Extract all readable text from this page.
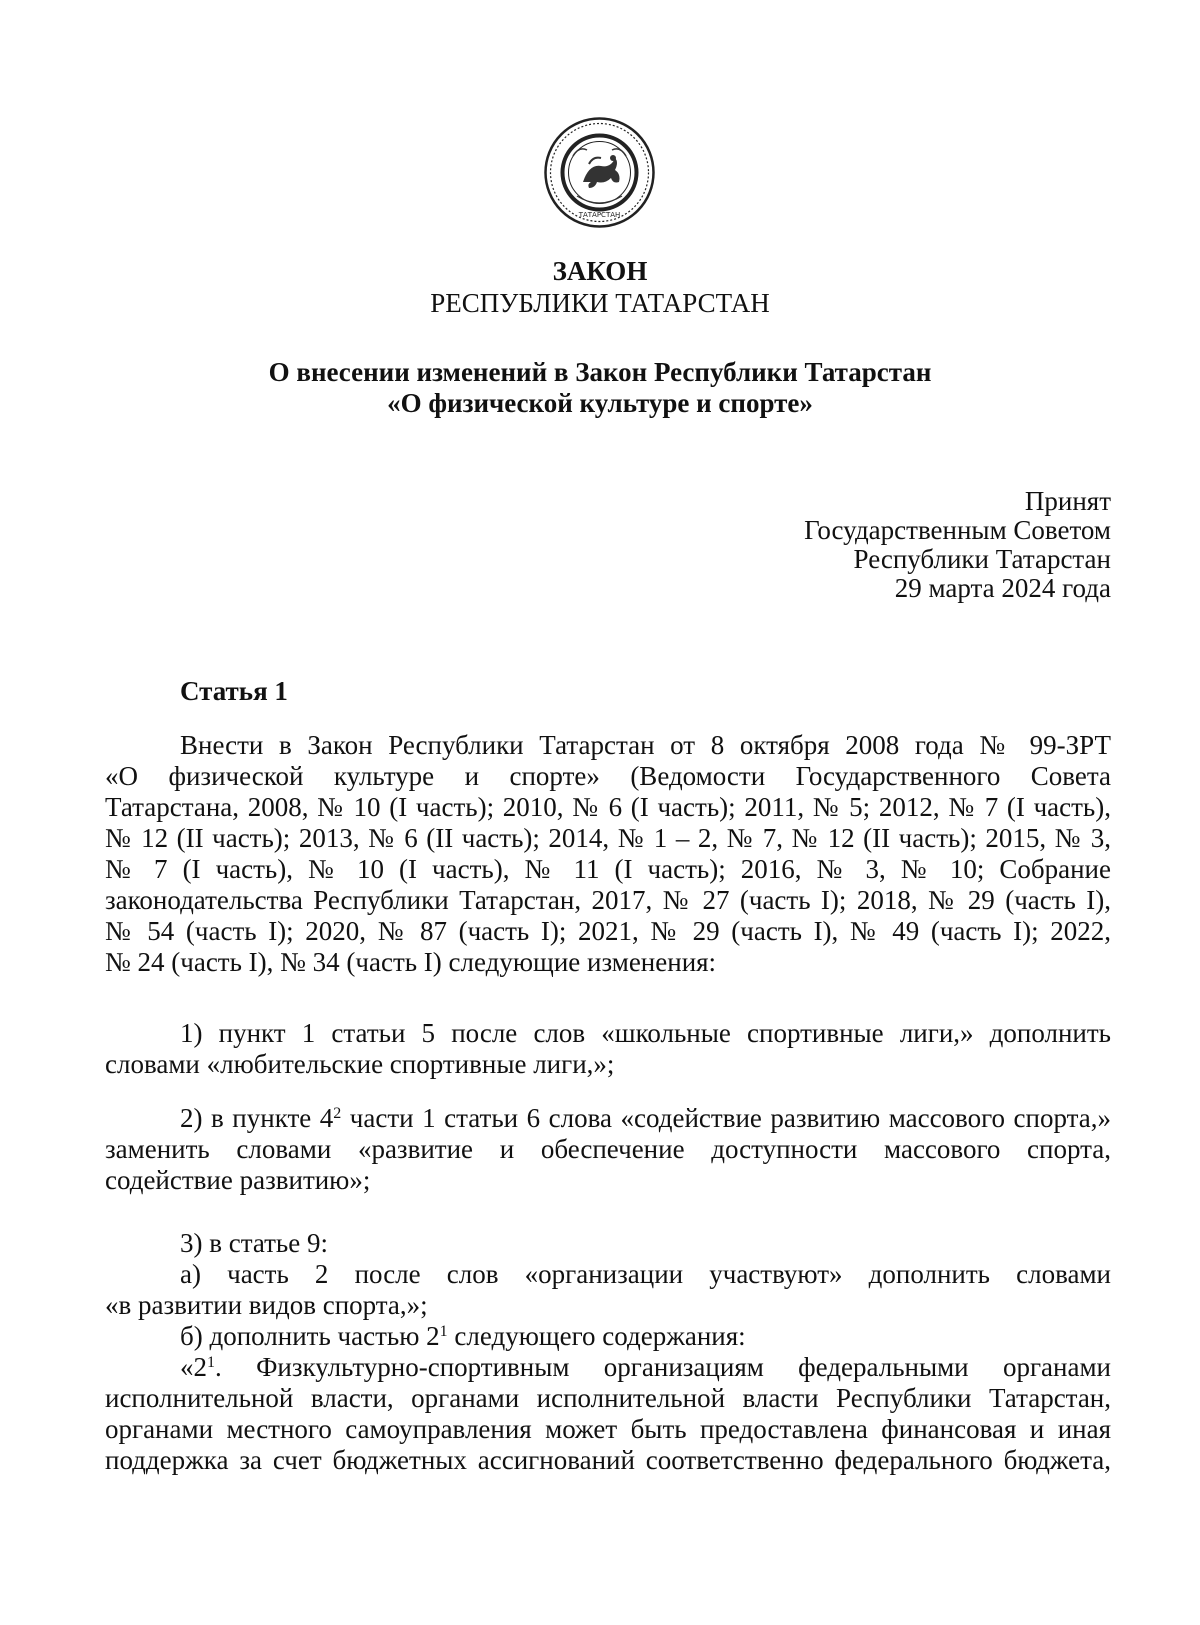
ТАТАРСТАН
ЗАКОН
РЕСПУБЛИКИ ТАТАРСТАН
О внесении изменений в Закон Республики Татарстан
«О физической культуре и спорте»
Принят
Государственным Советом
Республики Татарстан
29 марта 2024 года
Статья 1
Внести в Закон Республики Татарстан от 8 октября 2008 года № 99-ЗРТ
«О физической культуре и спорте» (Ведомости Государственного Совета
Татарстана, 2008, № 10 (I часть); 2010, № 6 (I часть); 2011, № 5; 2012, № 7 (I часть),
№ 12 (II часть); 2013, № 6 (II часть); 2014, № 1 – 2, № 7, № 12 (II часть); 2015, № 3,
№ 7 (I часть), № 10 (I часть), № 11 (I часть); 2016, № 3, № 10; Собрание
законодательства Республики Татарстан, 2017, № 27 (часть I); 2018, № 29 (часть I),
№ 54 (часть I); 2020, № 87 (часть I); 2021, № 29 (часть I), № 49 (часть I); 2022,
№ 24 (часть I), № 34 (часть I) следующие изменения:
1) пункт 1 статьи 5 после слов «школьные спортивные лиги,» дополнить
словами «любительские спортивные лиги,»;
2) в пункте $4^2$ части 1 статьи 6 слова «содействие развитию массового спорта,»
заменить словами «развитие и обеспечение доступности массового спорта,
содействие развитию»;
3) в статье 9:
а) часть 2 после слов «организации участвуют» дополнить словами
«в развитии видов спорта,»;
б) дополнить частью $2^1$ следующего содержания:
«$2^1$. Физкультурно-спортивным организациям федеральными органами
исполнительной власти, органами исполнительной власти Республики Татарстан,
органами местного самоуправления может быть предоставлена финансовая и иная
поддержка за счет бюджетных ассигнований соответственно федерального бюджета,
